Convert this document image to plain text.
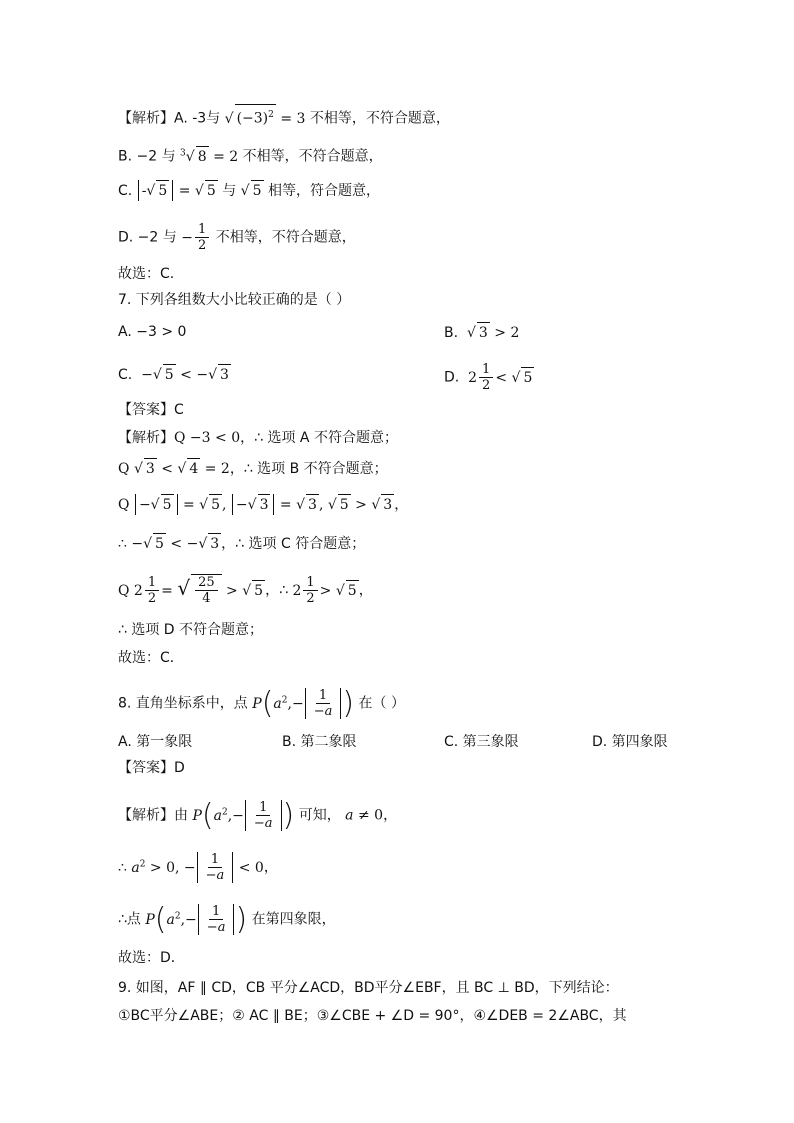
【解析】A. -3与 √ $(-3)^2 = 3$ 不相等，不符合题意，
B. −2 与 $^3$√ 8 = 2 不相等，不符合题意，
C. -√ 5 = √ 5 与 √ 5 相等，符合题意，
D. −2 与 − $\frac{1}{2}$ 不相等，不符合题意，
故选：C.
7. 下列各组数大小比较正确的是（ ）
A. −3 > 0	B. √ 3 > 2
C.  −√ 5 < −√ 3	D.  $2 \frac{1}{2}$ < √ 5
【答案】C
【解析】Q −3 < 0，∴ 选项 A 不符合题意；
Q √ 3 < √ 4 = 2，∴ 选项 B 不符合题意；
Q −√ 5 = √ 5 , −√ 3 = √ 3 , √ 5 > √ 3 ，
∴ −√ 5 < −√ 3 ，∴ 选项 C 符合题意；
Q $2 \frac{1}{2}$ = √ $\frac{25}{4}$ > √ 5 ，∴ $2 \frac{1}{2}$ > √ 5 ，
∴ 选项 D 不符合题意；
故选：C．
8. 直角坐标系中，点 $P(a^2,- \frac{1}{-a}$ ) 在（ ）
A. 第一象限	B. 第二象限	C. 第三象限	D. 第四象限
【答案】D
【解析】由 $P(a^2,- \frac{1}{-a}$ ) 可知， a ≠ 0，
∴ $a^2 > 0$, − $\frac{1}{-a} < 0$，
∴点 $P(a^2,- \frac{1}{-a}$ ) 在第四象限，
故选：D．
9. 如图，AF ∥ CD，CB 平分∠ACD，BD平分∠EBF，且 BC ⊥ BD，下列结论：
①BC平分∠ABE；② AC ∥ BE；③∠CBE + ∠D = 90°，④∠DEB = 2∠ABC，其
